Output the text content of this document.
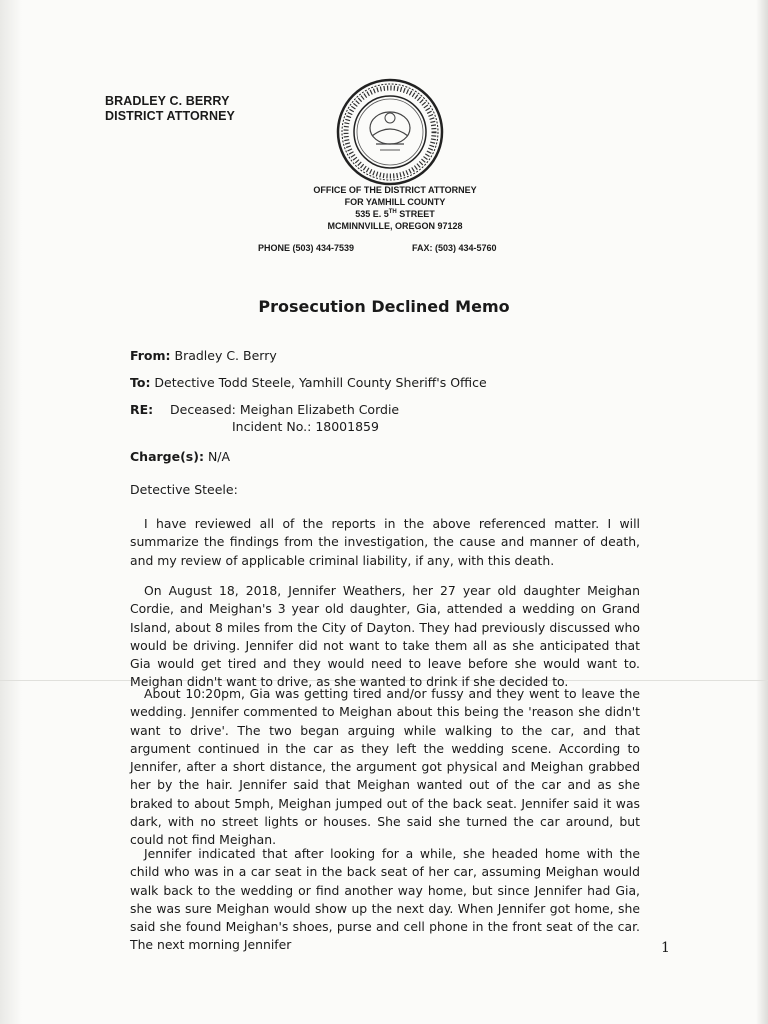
BRADLEY C. BERRY
DISTRICT ATTORNEY
OFFICE OF THE DISTRICT ATTORNEY
FOR YAMHILL COUNTY
535 E. 5TH STREET
MCMINNVILLE, OREGON 97128
PHONE (503) 434-7539	FAX: (503) 434-5760
Prosecution Declined Memo
From: Bradley C. Berry
To: Detective Todd Steele, Yamhill County Sheriff's Office
RE: Deceased: Meighan Elizabeth Cordie
Incident No.: 18001859
Charge(s): N/A
Detective Steele:
I have reviewed all of the reports in the above referenced matter. I will summarize the findings from the investigation, the cause and manner of death, and my review of applicable criminal liability, if any, with this death.
On August 18, 2018, Jennifer Weathers, her 27 year old daughter Meighan Cordie, and Meighan's 3 year old daughter, Gia, attended a wedding on Grand Island, about 8 miles from the City of Dayton. They had previously discussed who would be driving. Jennifer did not want to take them all as she anticipated that Gia would get tired and they would need to leave before she would want to. Meighan didn't want to drive, as she wanted to drink if she decided to.
About 10:20pm, Gia was getting tired and/or fussy and they went to leave the wedding. Jennifer commented to Meighan about this being the 'reason she didn't want to drive'. The two began arguing while walking to the car, and that argument continued in the car as they left the wedding scene. According to Jennifer, after a short distance, the argument got physical and Meighan grabbed her by the hair. Jennifer said that Meighan wanted out of the car and as she braked to about 5mph, Meighan jumped out of the back seat. Jennifer said it was dark, with no street lights or houses. She said she turned the car around, but could not find Meighan.
Jennifer indicated that after looking for a while, she headed home with the child who was in a car seat in the back seat of her car, assuming Meighan would walk back to the wedding or find another way home, but since Jennifer had Gia, she was sure Meighan would show up the next day. When Jennifer got home, she said she found Meighan's shoes, purse and cell phone in the front seat of the car. The next morning Jennifer	1
